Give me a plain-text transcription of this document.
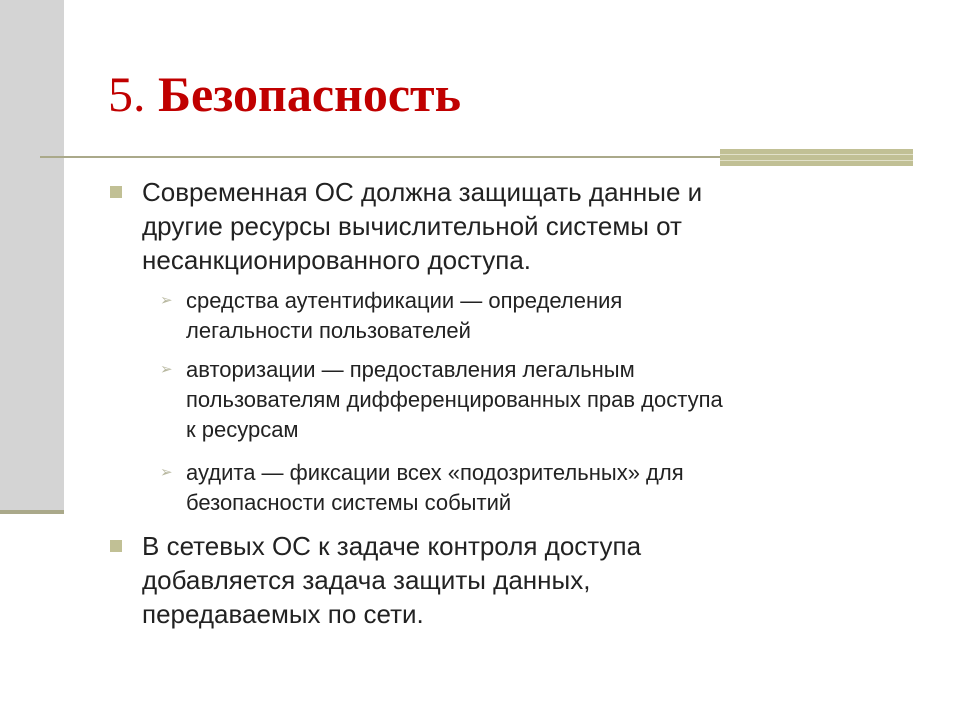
5. Безопасность

Современная ОС должна защищать данные и
другие ресурсы вычислительной системы от
несанкционированного доступа.

➢ средства аутентификации — определения
легальности пользователей

➢ авторизации — предоставления легальным
пользователям дифференцированных прав доступа
к ресурсам

➢ аудита — фиксации всех «подозрительных» для
безопасности системы событий

В сетевых ОС к задаче контроля доступа
добавляется задача защиты данных,
передаваемых по сети.
